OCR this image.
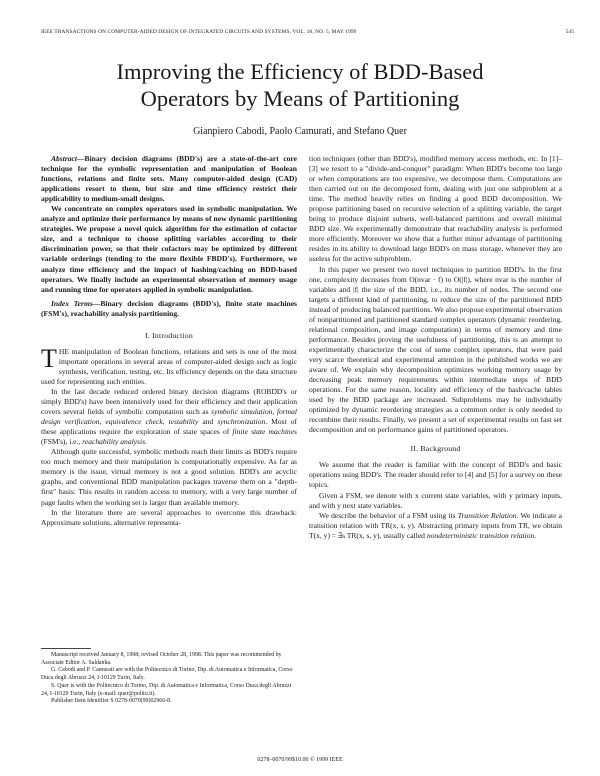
IEEE TRANSACTIONS ON COMPUTER-AIDED DESIGN OF INTEGRATED CIRCUITS AND SYSTEMS, VOL. 18, NO. 5, MAY 1999	545
Improving the Efficiency of BDD-Based
Operators by Means of Partitioning
Gianpiero Cabodi, Paolo Camurati, and Stefano Quer

Abstract—Binary decision diagrams (BDD's) are a state-of-the-art core technique for the symbolic representation and manipulation of Boolean functions, relations and finite sets. Many computer-aided design (CAD) applications resort to them, but size and time efficiency restrict their applicability to medium-small designs.

We concentrate on complex operators used in symbolic manipulation. We analyze and optimize their performance by means of new dynamic partitioning strategies. We propose a novel quick algorithm for the estimation of cofactor size, and a technique to choose splitting variables according to their discrimination power, so that their cofactors may be optimized by different variable orderings (tending to the more flexible FBDD's). Furthermore, we analyze time efficiency and the impact of hashing/caching on BDD-based operators. We finally include an experimental observation of memory usage and running time for operators applied in symbolic manipulation.

Index Terms—Binary decision diagrams (BDD's), finite state machines (FSM's), reachability analysis partitioning.

I. Introduction

THE manipulation of Boolean functions, relations and sets is one of the most important operations in several areas of computer-aided design such as logic synthesis, verification, testing, etc. Its efficiency depends on the data structure used for representing such entities.

In the last decade reduced ordered binary decision diagrams (ROBDD's or simply BDD's) have been intensively used for their efficiency and their application covers several fields of symbolic computation such as symbolic simulation, formal design verification, equivalence check, testability and synchronization. Most of these applications require the exploration of state spaces of finite state machines (FSM's), i.e., reachability analysis.

Although quite successful, symbolic methods reach their limits as BDD's require too much memory and their manipulation is computationally expensive. As far as memory is the issue, virtual memory is not a good solution. BDD's are acyclic graphs, and conventional BDD manipulation packages traverse them on a "depth-first" basis: This results in random access to memory, with a very large number of page faults when the working set is larger than available memory.

In the literature there are several approaches to overcome this drawback: Approximate solutions, alternative representa-

Manuscript received January 8, 1998; revised October 28, 1998. This paper was recommended by Associate Editor A. Saldanha.

G. Cabodi and P. Camurati are with the Politecnico di Torino, Dip. di Automatica e Informatica, Corso Duca degli Abruzzi 24, I-10129 Turin, Italy.

S. Quer is with the Politecnico di Torino, Dip. di Automatica e Informatica, Corso Duca degli Abruzzi 24, I-10129 Turin, Italy (e-mail: quer@polito.it).

Publisher Item Identifier S 0278-0070(99)02966-8.

tion techniques (other than BDD's), modified memory access methods, etc. In [1]–[3] we resort to a "divide-and-conquer" paradigm: When BDD's become too large or when computations are too expensive, we decompose them. Computations are then carried out on the decomposed form, dealing with just one subproblem at a time. The method heavily relies on finding a good BDD decomposition. We propose partitioning based on recursive selection of a splitting variable, the target being to produce disjoint subsets, well-balanced partitions and overall minimal BDD size. We experimentally demonstrate that reachability analysis is performed more efficiently. Moreover we show that a further minor advantage of partitioning resides in its ability to download large BDD's on mass storage, whenever they are useless for the active subproblem.

In this paper we present two novel techniques to partition BDD's. In the first one, complexity decreases from O(nvar · f) to O(|f|), where nvar is the number of variables and |f| the size of the BDD, i.e., its number of nodes. The second one targets a different kind of partitioning, to reduce the size of the partitioned BDD instead of producing balanced partitions. We also propose experimental observation of nonpartitioned and partitioned standard complex operators (dynamic reordering, relational composition, and image computation) in terms of memory and time performance. Besides proving the usefulness of partitioning, this is an attempt to experimentally characterize the cost of some complex operators, that were paid very scarce theoretical and experimental attention in the published works we are aware of. We explain why decomposition optimizes working memory usage by decreasing peak memory requirements within intermediate steps of BDD operations. For the same reason, locality and efficiency of the hash/cache tables used by the BDD package are increased. Subproblems may be individually optimized by dynamic reordering strategies as a common order is only needed to recombine their results. Finally, we present a set of experimental results on fast set decomposition and on performance gains of partitioned operators.

II. Background

We assume that the reader is familiar with the concept of BDD's and basic operations using BDD's. The reader should refer to [4] and [5] for a survey on these topics.

Given a FSM, we denote with x current state variables, with y primary inputs, and with y next state variables.

We describe the behavior of a FSM using its Transition Relation. We indicate a transition relation with TR(x, s, y). Abstracting primary inputs from TR, we obtain T(x, y) = ∃s TR(x, s, y), usually called nondeterministic transition relation.

0278–0070/99$10.00 © 1999 IEEE
